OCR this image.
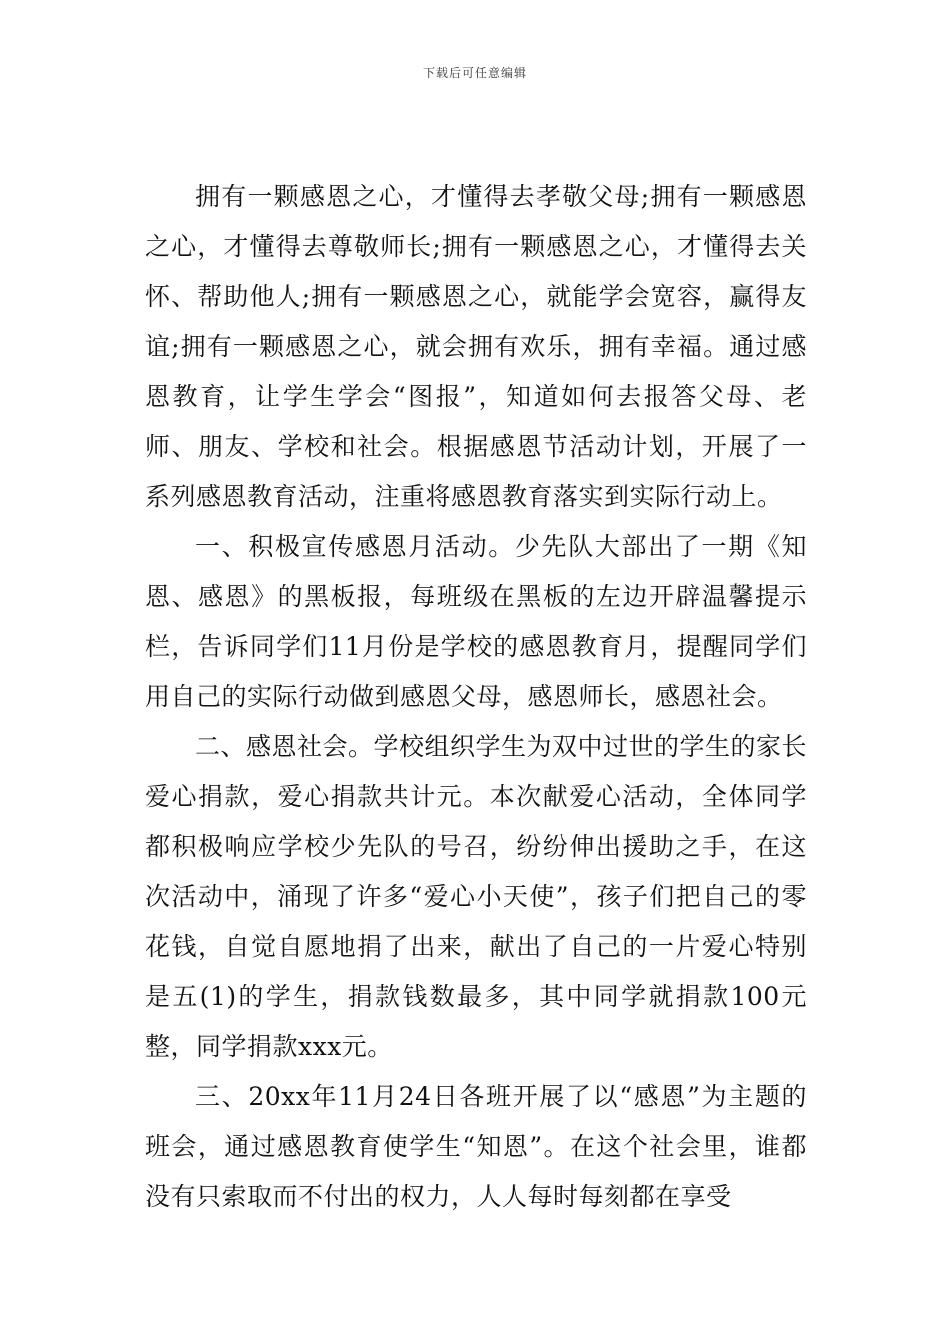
下载后可任意编辑

拥有一颗感恩之心，才懂得去孝敬父母;拥有一颗感恩之心，才懂得去尊敬师长;拥有一颗感恩之心，才懂得去关怀、帮助他人;拥有一颗感恩之心，就能学会宽容，赢得友谊;拥有一颗感恩之心，就会拥有欢乐，拥有幸福。通过感恩教育，让学生学会“图报”，知道如何去报答父母、老师、朋友、学校和社会。根据感恩节活动计划，开展了一系列感恩教育活动，注重将感恩教育落实到实际行动上。

一、积极宣传感恩月活动。少先队大部出了一期《知恩、感恩》的黑板报，每班级在黑板的左边开辟温馨提示栏，告诉同学们11月份是学校的感恩教育月，提醒同学们用自己的实际行动做到感恩父母，感恩师长，感恩社会。

二、感恩社会。学校组织学生为双中过世的学生的家长爱心捐款，爱心捐款共计元。本次献爱心活动，全体同学都积极响应学校少先队的号召，纷纷伸出援助之手，在这次活动中，涌现了许多“爱心小天使”，孩子们把自己的零花钱，自觉自愿地捐了出来，献出了自己的一片爱心特别是五(1)的学生，捐款钱数最多，其中同学就捐款100元整，同学捐款xxx元。

三、20xx年11月24日各班开展了以“感恩”为主题的班会，通过感恩教育使学生“知恩”。在这个社会里，谁都没有只索取而不付出的权力，人人每时每刻都在享受
